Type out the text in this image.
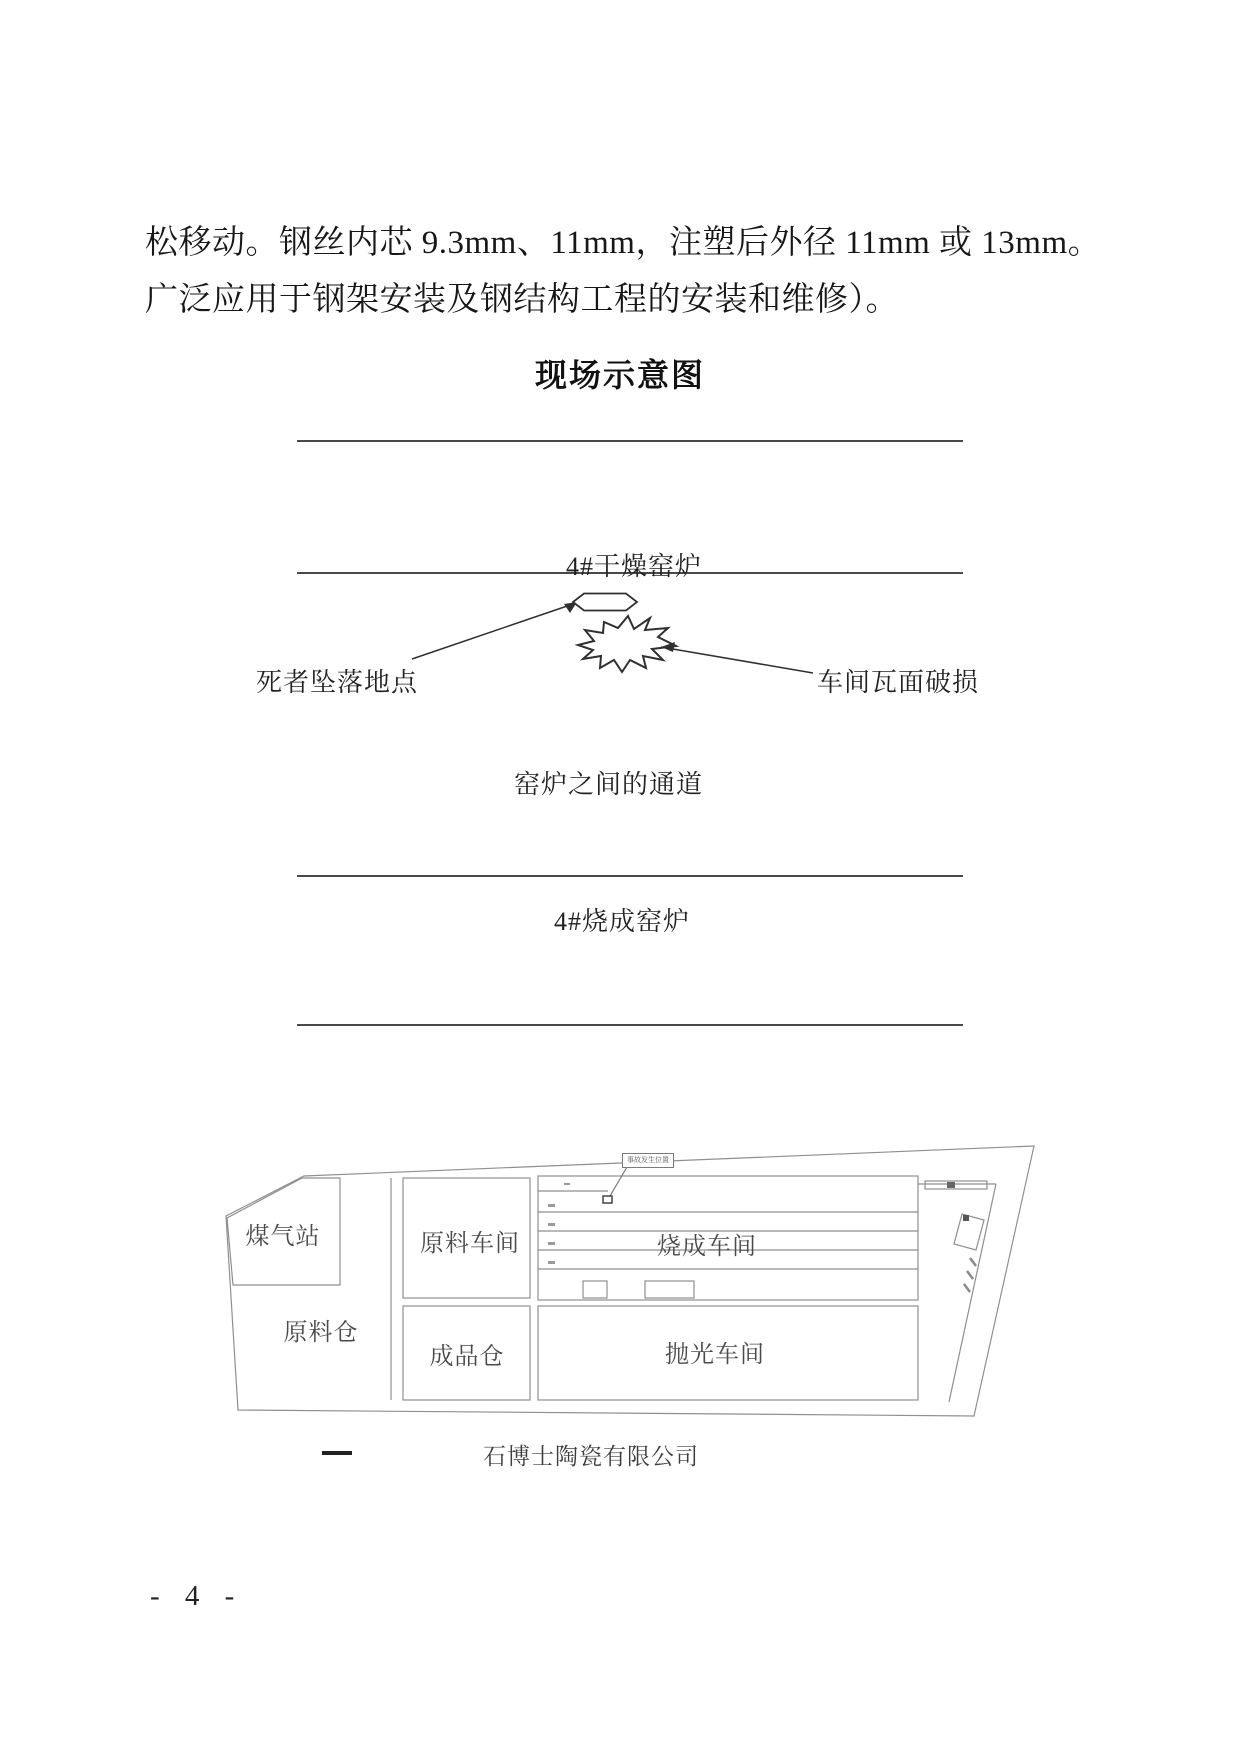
松移动。钢丝内芯 9.3mm、11mm，注塑后外径 11mm 或 13mm。
广泛应用于钢架安装及钢结构工程的安装和维修）。
现场示意图
4#干燥窑炉
死者坠落地点	车间瓦面破损
窑炉之间的通道
4#烧成窑炉
煤气站
原料仓
原料车间	烧成车间
成品仓	抛光车间
事故发生位置
石博士陶瓷有限公司
- 4 -
